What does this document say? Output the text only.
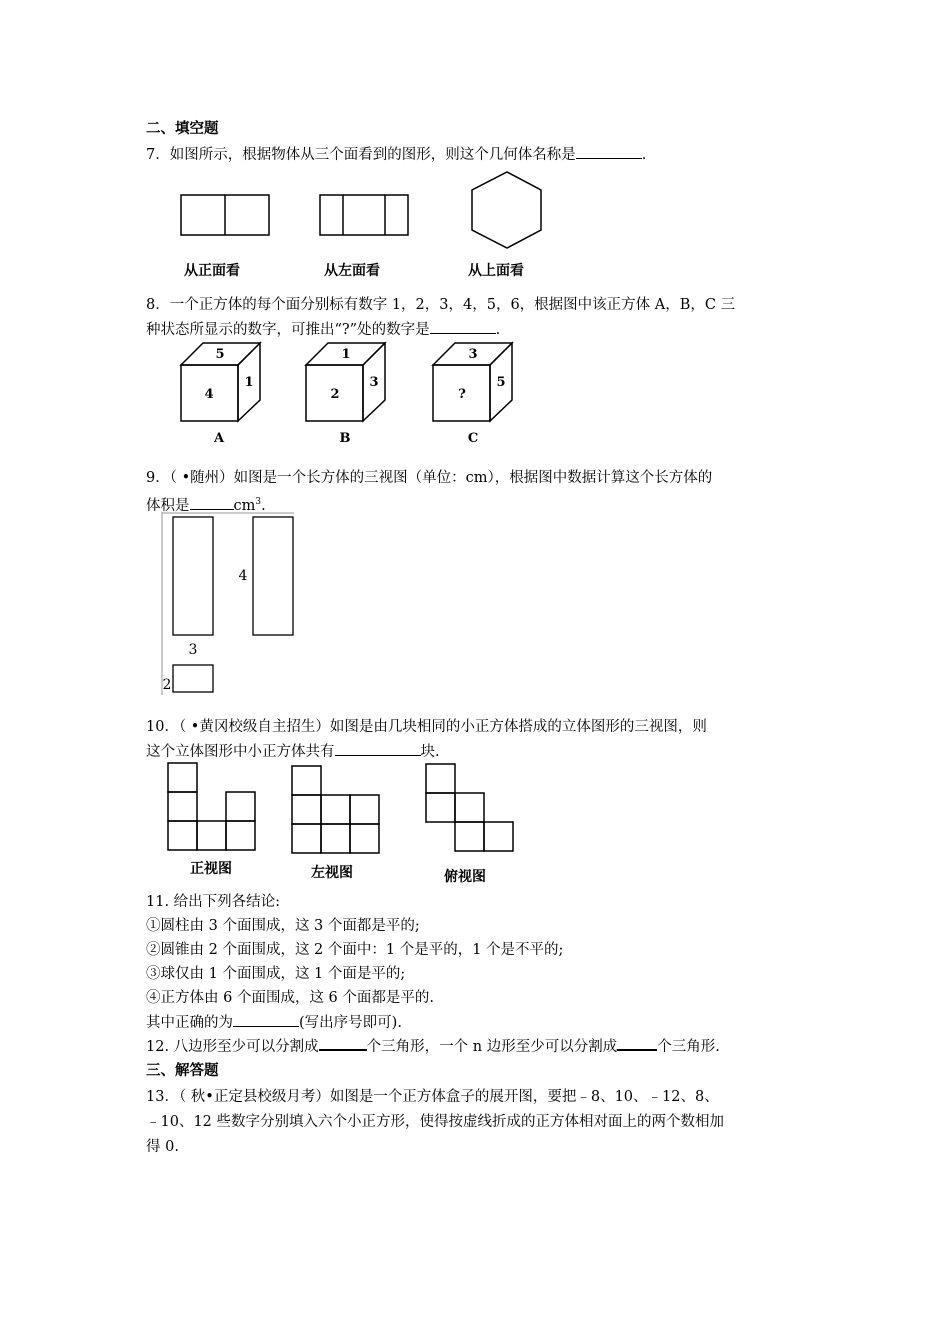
二、填空题
7．如图所示，根据物体从三个面看到的图形，则这个几何体名称是	.
从正面看	从左面看	从上面看
8．一个正方体的每个面分别标有数字 1，2，3，4，5，6，根据图中该正方体 A，B，C 三
种状态所显示的数字，可推出“?”处的数字是	.
5
4
1
A
1
2
3
B
3
?
5
C
9．（ •随州）如图是一个长方体的三视图（单位：cm），根据图中数据计算这个长方体的
体积是	$cm^3$.
4
3
2
10．（ •黄冈校级自主招生）如图是由几块相同的小正方体搭成的立体图形的三视图，则
这个立体图形中小正方体共有	块.
正视图	左视图	俯视图
11. 给出下列各结论:
①圆柱由 3 个面围成，这 3 个面都是平的;
②圆锥由 2 个面围成，这 2 个面中：1 个是平的，1 个是不平的;
③球仅由 1 个面围成，这 1 个面是平的;
④正方体由 6 个面围成，这 6 个面都是平的.
其中正确的为	(写出序号即可).
12. 八边形至少可以分割成	个三角形，一个 n 边形至少可以分割成	个三角形.
三、解答题
13．（ 秋•正定县校级月考）如图是一个正方体盒子的展开图，要把﹣8、10、﹣12、8、
﹣10、12 些数字分别填入六个小正方形，使得按虚线折成的正方体相对面上的两个数相加
得 0.
